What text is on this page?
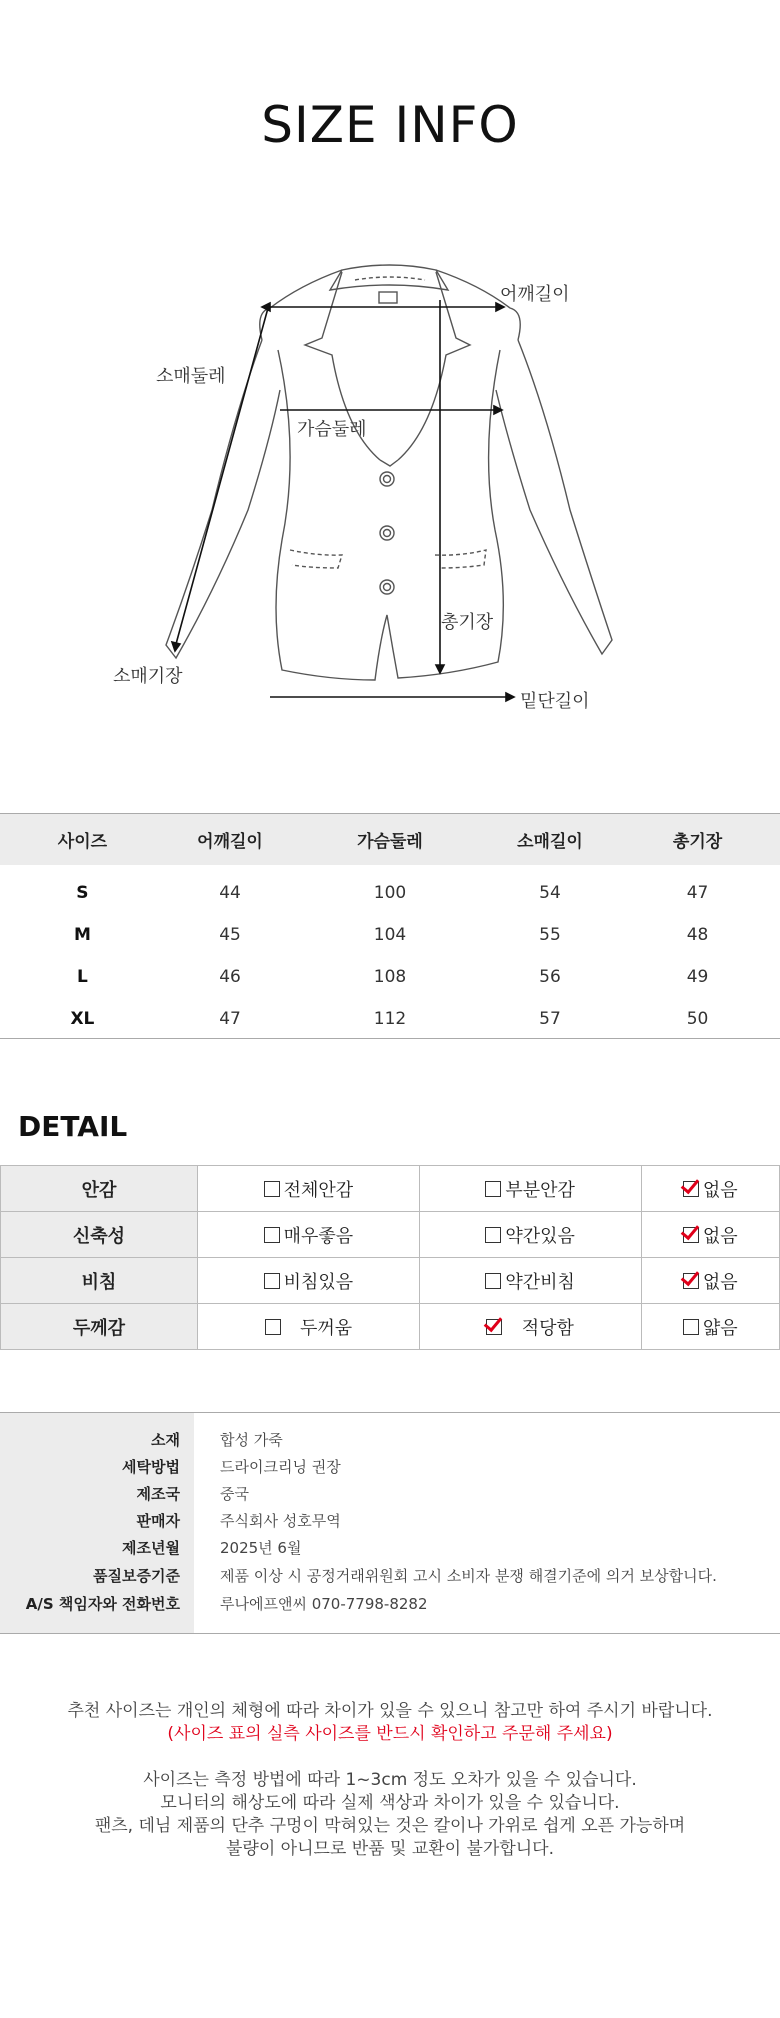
SIZE INFO
어깨길이
소매둘레
가슴둘레
총기장
소매기장
밑단길이
사이즈	어깨길이	가슴둘레	소매길이	총기장
S	44	100	54	47
M	45	104	55	48
L	46	108	56	49
XL	47	112	57	50
DETAIL
안감	전체안감	부분안감	없음

신축성	매우좋음	약간있음	없음

비침	비침있음	약간비침	없음

두께감	두꺼움	적당함	얇음
소재	합성 가죽
세탁방법	드라이크리닝 권장
제조국	중국
판매자	주식회사 성호무역
제조년월	2025년 6월
품질보증기준	제품 이상 시 공정거래위원회 고시 소비자 분쟁 해결기준에 의거 보상합니다.
A/S 책임자와 전화번호	루나에프앤씨 070-7798-8282

추천 사이즈는 개인의 체형에 따라 차이가 있을 수 있으니 참고만 하여 주시기 바랍니다.

(사이즈 표의 실측 사이즈를 반드시 확인하고 주문해 주세요)

사이즈는 측정 방법에 따라 1~3cm 정도 오차가 있을 수 있습니다.

모니터의 해상도에 따라 실제 색상과 차이가 있을 수 있습니다.

팬츠, 데님 제품의 단추 구멍이 막혀있는 것은 칼이나 가위로 쉽게 오픈 가능하며

불량이 아니므로 반품 및 교환이 불가합니다.
